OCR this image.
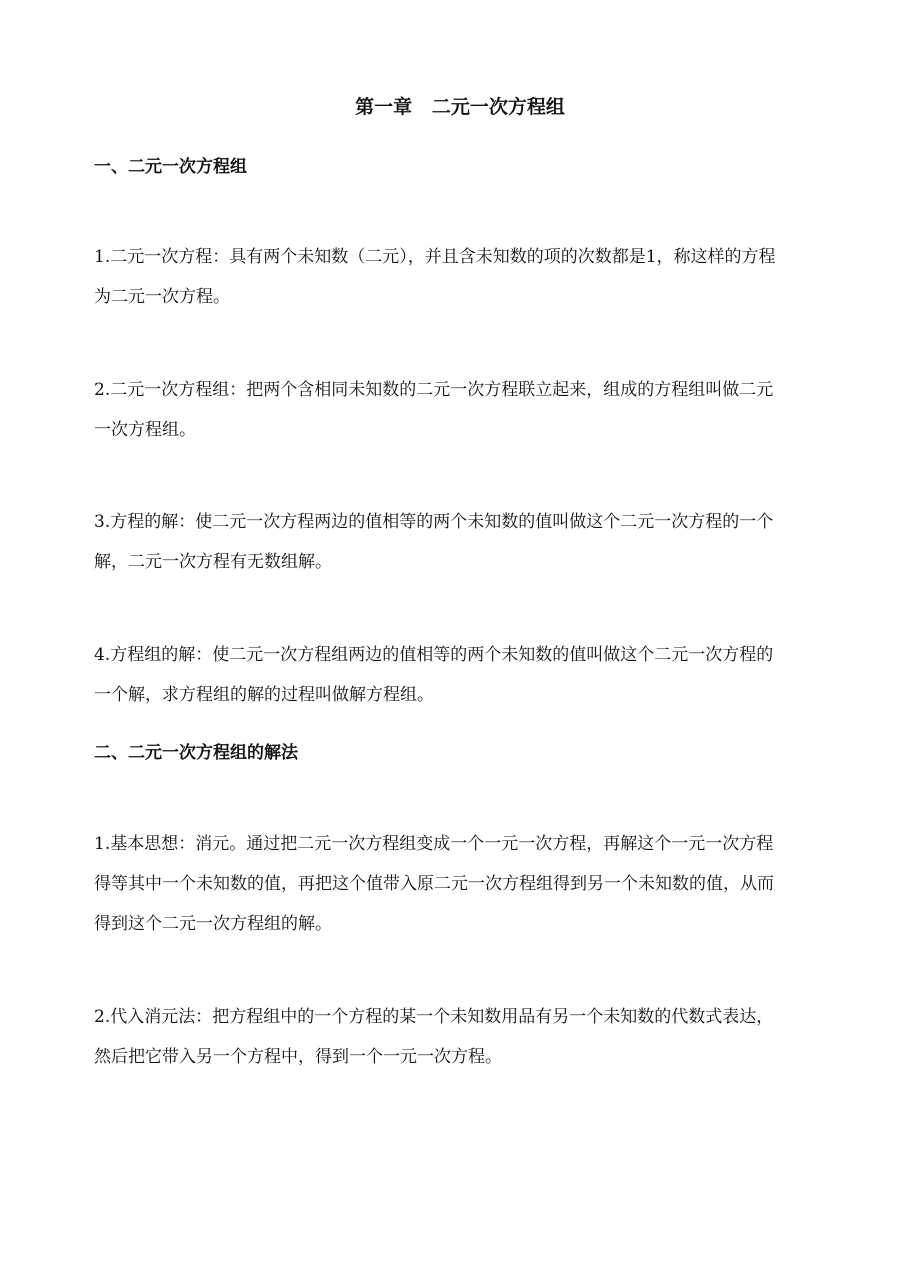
第一章   二元一次方程组
一、二元一次方程组
1.二元一次方程：具有两个未知数（二元），并且含未知数的项的次数都是1，称这样的方程
为二元一次方程。
2.二元一次方程组：把两个含相同未知数的二元一次方程联立起来，组成的方程组叫做二元
一次方程组。
3.方程的解：使二元一次方程两边的值相等的两个未知数的值叫做这个二元一次方程的一个
解，二元一次方程有无数组解。
4.方程组的解：使二元一次方程组两边的值相等的两个未知数的值叫做这个二元一次方程的
一个解，求方程组的解的过程叫做解方程组。
二、二元一次方程组的解法
1.基本思想：消元。通过把二元一次方程组变成一个一元一次方程，再解这个一元一次方程
得等其中一个未知数的值，再把这个值带入原二元一次方程组得到另一个未知数的值，从而
得到这个二元一次方程组的解。
2.代入消元法：把方程组中的一个方程的某一个未知数用品有另一个未知数的代数式表达，
然后把它带入另一个方程中，得到一个一元一次方程。
